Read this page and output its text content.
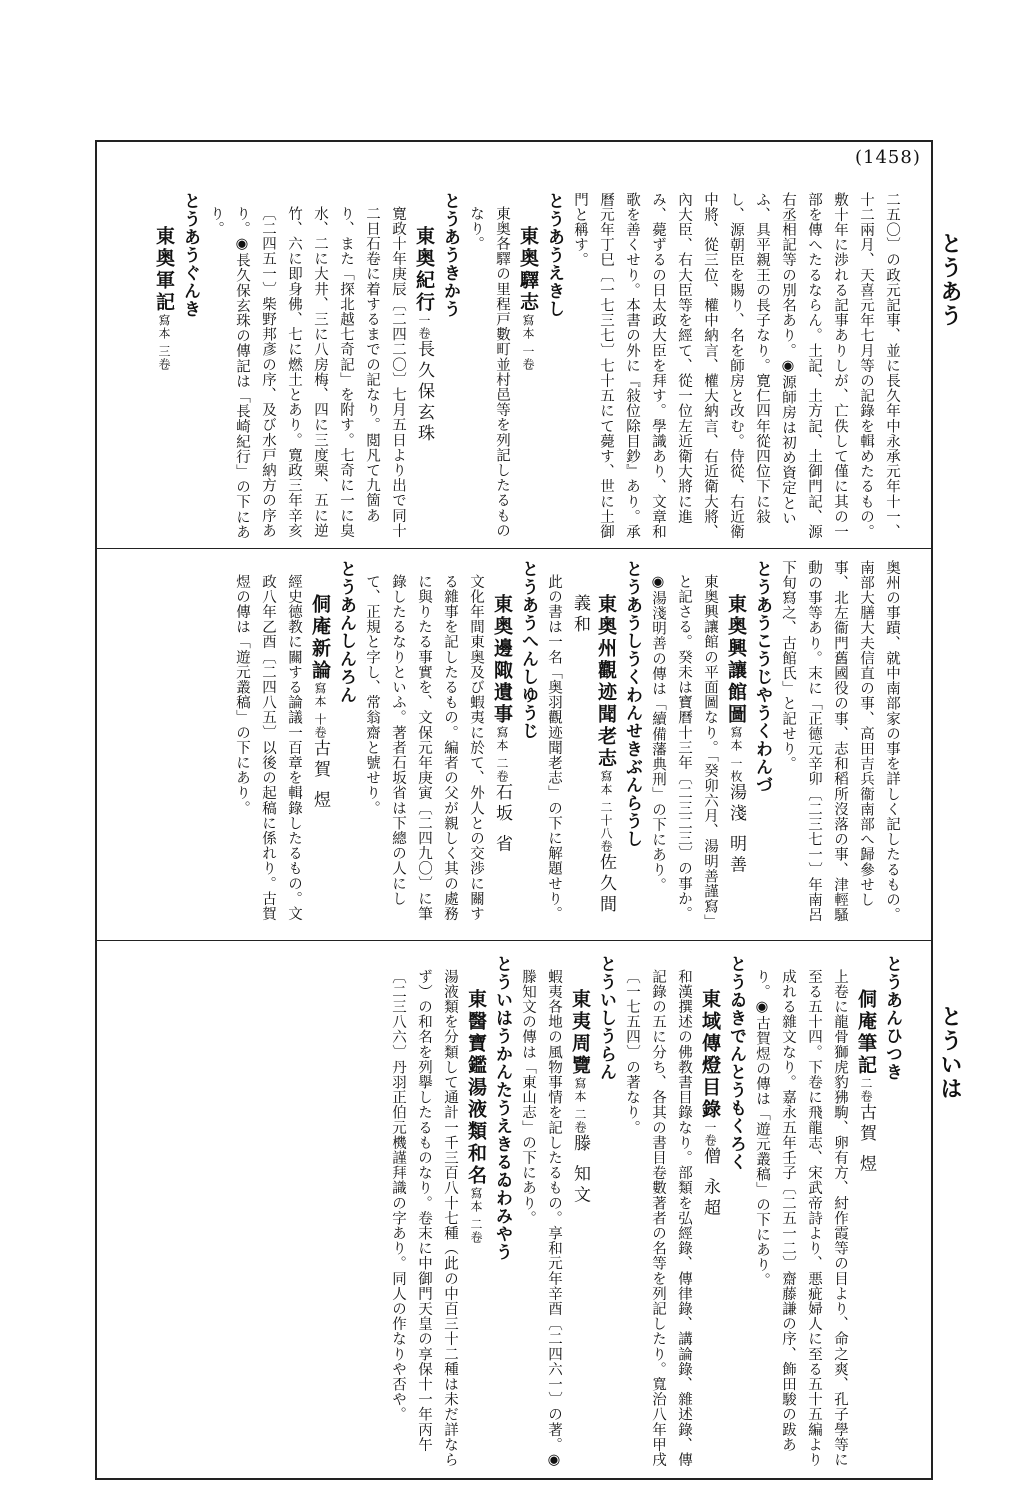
(1458)
とうあう
とういは
二五〇〕の政元記事、並に長久年中永承元年十一、十二兩月、天喜元年七月等の記錄を輯めたるもの。敷十年に渉れる記事ありしが、亡佚して僅に其の一部を傳へたるならん。土記、土方記、土御門記、源右丞相記等の別名あり。◉源師房は初め資定といふ、具平親王の長子なり。寛仁四年從四位下に敍し、源朝臣を賜り、名を師房と改む。侍從、右近衛中將、從三位、權中納言、權大納言、右近衛大將、內大臣、右大臣等を經て、從一位左近衛大將に進み、薨ずるの日太政大臣を拜す。學識あり、文章和歌を善くせり。本書の外に『敍位除目鈔』あり。承曆元年丁巳〔一七三七〕七十五にて薨す、世に土御門と稱す。
とうあうえきし
東奥驛志寫本 一卷
東奥各驛の里程戸數町並村邑等を列記したるものなり。
とうあうきかう
東奥紀行一卷長久保玄珠
寛政十年庚辰〔二四二〇〕七月五日より出で同十二日石卷に着するまでの記なり。閲凡て九箇あり、また「探北越七奇記」を附す。七奇に一に臭水、二に大井、三に八房梅、四に三度栗、五に逆竹、六に即身佛、七に燃土とあり。寛政三年辛亥〔二四五一〕柴野邦彥の序、及び水戸納方の序あり。◉長久保玄珠の傳記は「長崎紀行」の下にあり。
とうあうぐんき
東奥軍記寫本 三卷
奥州の事蹟、就中南部家の事を詳しく記したるもの。南部大膳大夫信直の事、高田吉兵衞南部へ歸參せし事、北左衞門舊國役の事、志和稻所沒落の事、津輕騷動の事等あり。末に「正德元辛卯〔二三七一〕年南呂下旬寫之、古館氏」と記せり。
とうあうこうじやうくわんづ
東奥興讓館圖寫本 一枚湯淺 明善
東奥興讓館の平面圖なり。「癸卯六月、湯明善謹寫」と記さる。癸未は寶曆十三年〔二三二三〕の事か。◉湯淺明善の傳は「續備藩典刑」の下にあり。
とうあうしうくわんせきぶんらうし
東奥州觀迹聞老志寫本 二十八卷佐久間義和
此の書は一名「奥羽觀迹聞老志」の下に解題せり。
とうあうへんしゆうじ
東奥邊陬遺事寫本 二卷石坂 省
文化年間東奥及び蝦夷に於て、外人との交渉に關する雜事を記したるもの。編者の父が親しく其の處務に與りたる事實を、文保元年庚寅〔二四九〇〕に筆錄したるなりといふ。著者石坂省は下總の人にして、正規と字し、常翁齋と號せり。
とうあんしんろん
侗庵新論寫本 十卷古賀 煜
經史德教に關する論議一百章を輯錄したるもの。文政八年乙酉〔二四八五〕以後の起稿に係れり。古賀煜の傳は「遊元叢稿」の下にあり。
とうあんひつき
侗庵筆記二卷古賀 煜
上卷に龍骨獅虎豹狒駒、卵有方、紂作霞等の目より、命之爽、孔子學等に至る五十四。下卷に飛龍志、宋武帝詩より、悪疵婦人に至る五十五編より成れる雜文なり。嘉永五年壬子〔二五一二〕齋藤謙の序、飾田駿の跋あり。◉古賀煜の傳は「遊元叢稿」の下にあり。
とうゐきでんとうもくろく
東域傳燈目錄一卷僧 永超
和漢撰述の佛教書目錄なり。部類を弘經錄、傳律錄、講論錄、雜述錄、傳記錄の五に分ち、各其の書目卷數著者の名等を列記したり。寬治八年甲戌〔一七五四〕の著なり。
とういしうらん
東夷周覽寫本 二卷滕 知文
蝦夷各地の風物事情を記したるもの。享和元年辛酉〔二四六一〕の著。◉滕知文の傳は「東山志」の下にあり。
とういはうかんたうえきるゐわみやう
東醫寶鑑湯液類和名寫本 二卷
湯液類を分類して通計一千三百八十七種（此の中百三十二種は未だ詳ならず）の和名を列擧したるものなり。卷末に中御門天皇の享保十一年丙午〔二三八六〕丹羽正伯元機謹拜識の字あり。同人の作なりや否や。
